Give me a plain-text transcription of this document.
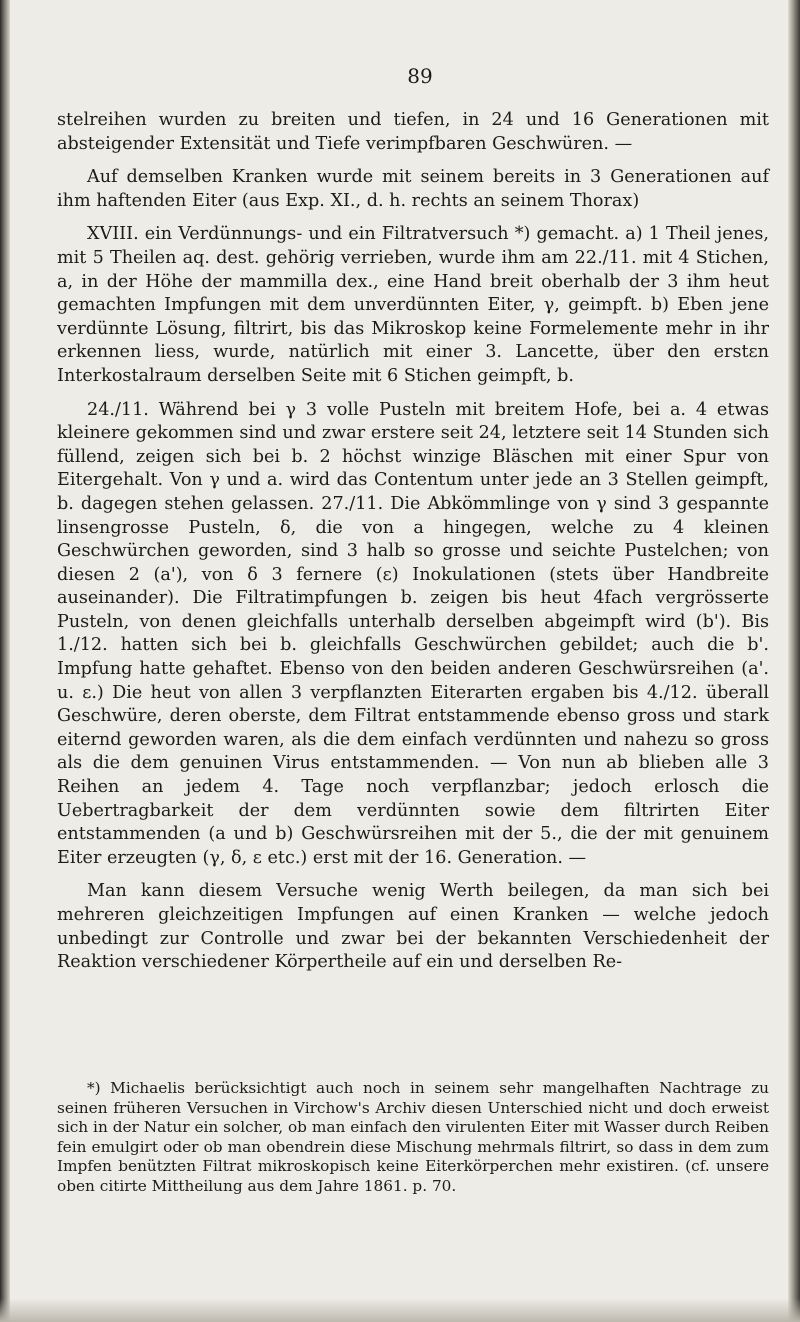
89

stelreihen wurden zu breiten und tiefen, in 24 und 16 Generationen mit absteigender Extensität und Tiefe verimpfbaren Geschwüren. —

Auf demselben Kranken wurde mit seinem bereits in 3 Generationen auf ihm haftenden Eiter (aus Exp. XI., d. h. rechts an seinem Thorax)

XVIII. ein Verdünnungs- und ein Filtratversuch *) gemacht. a) 1 Theil jenes, mit 5 Theilen aq. dest. gehörig verrieben, wurde ihm am 22./11. mit 4 Stichen, a, in der Höhe der mammilla dex., eine Hand breit oberhalb der 3 ihm heut gemachten Impfungen mit dem unverdünnten Eiter, γ, geimpft. b) Eben jene verdünnte Lösung, filtrirt, bis das Mikroskop keine Formelemente mehr in ihr erkennen liess, wurde, natürlich mit einer 3. Lancette, über den erstεn Interkostalraum derselben Seite mit 6 Stichen geimpft, b.

24./11. Während bei γ 3 volle Pusteln mit breitem Hofe, bei a. 4 etwas kleinere gekommen sind und zwar erstere seit 24, letztere seit 14 Stunden sich füllend, zeigen sich bei b. 2 höchst winzige Bläschen mit einer Spur von Eitergehalt. Von γ und a. wird das Contentum unter jede an 3 Stellen geimpft, b. dagegen stehen gelassen. 27./11. Die Abkömmlinge von γ sind 3 gespannte linsengrosse Pusteln, δ, die von a hingegen, welche zu 4 kleinen Geschwürchen geworden, sind 3 halb so grosse und seichte Pustelchen; von diesen 2 (a'), von δ 3 fernere (ε) Inokulationen (stets über Handbreite auseinander). Die Filtratimpfungen b. zeigen bis heut 4fach vergrösserte Pusteln, von denen gleichfalls unterhalb derselben abgeimpft wird (b'). Bis 1./12. hatten sich bei b. gleichfalls Geschwürchen gebildet; auch die b'. Impfung hatte gehaftet. Ebenso von den beiden anderen Geschwürsreihen (a'. u. ε.) Die heut von allen 3 verpflanzten Eiterarten ergaben bis 4./12. überall Geschwüre, deren oberste, dem Filtrat entstammende ebenso gross und stark eiternd geworden waren, als die dem einfach verdünnten und nahezu so gross als die dem genuinen Virus entstammenden. — Von nun ab blieben alle 3 Reihen an jedem 4. Tage noch verpflanzbar; jedoch erlosch die Uebertragbarkeit der dem verdünnten sowie dem filtrirten Eiter entstammenden (a und b) Geschwürsreihen mit der 5., die der mit genuinem Eiter erzeugten (γ, δ, ε etc.) erst mit der 16. Generation. —

Man kann diesem Versuche wenig Werth beilegen, da man sich bei mehreren gleichzeitigen Impfungen auf einen Kranken — welche jedoch unbedingt zur Controlle und zwar bei der bekannten Verschiedenheit der Reaktion verschiedener Körpertheile auf ein und derselben Re-

*) Michaelis berücksichtigt auch noch in seinem sehr mangelhaften Nachtrage zu seinen früheren Versuchen in Virchow's Archiv diesen Unterschied nicht und doch erweist sich in der Natur ein solcher, ob man einfach den virulenten Eiter mit Wasser durch Reiben fein emulgirt oder ob man obendrein diese Mischung mehrmals filtrirt, so dass in dem zum Impfen benützten Filtrat mikroskopisch keine Eiterkörperchen mehr existiren. (cf. unsere oben citirte Mittheilung aus dem Jahre 1861. p. 70.
